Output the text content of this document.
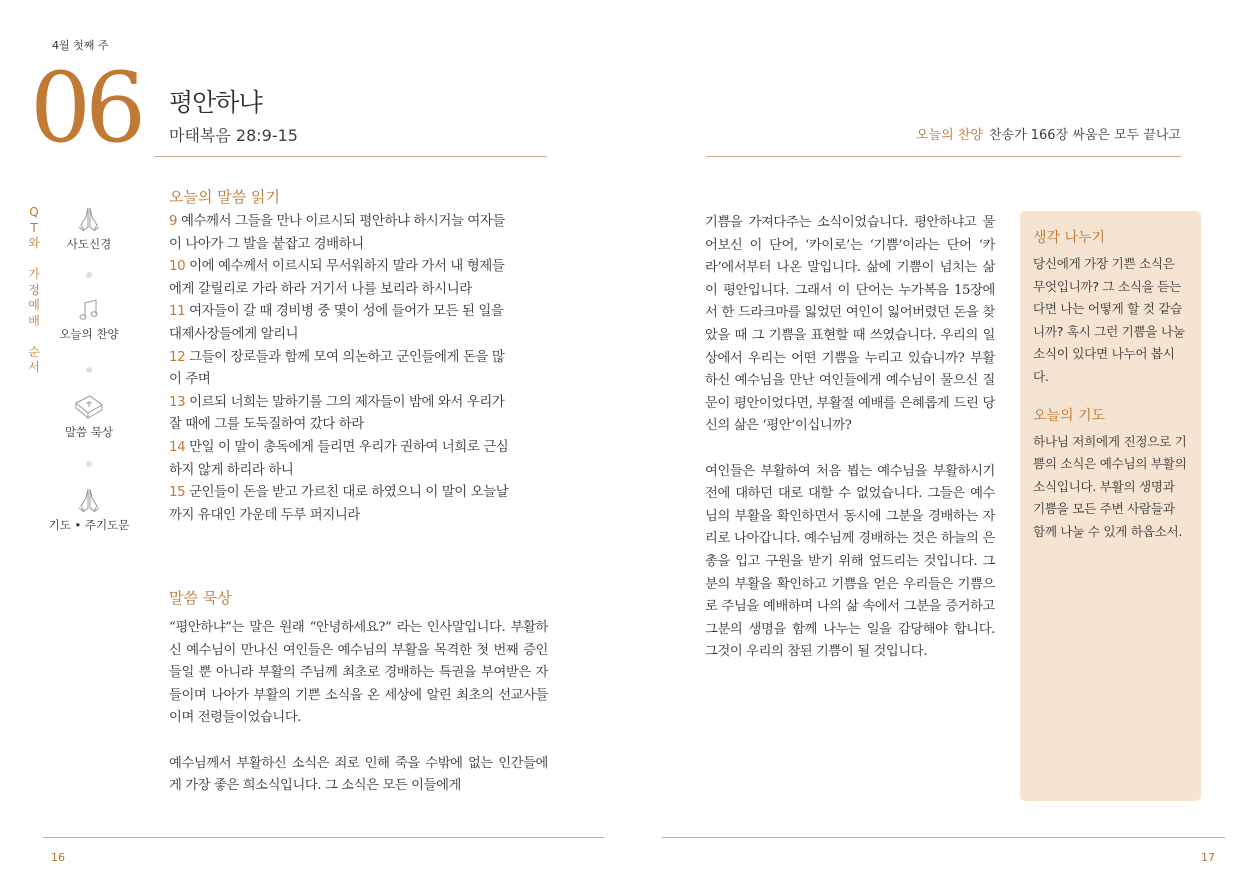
4월 첫째 주
06 평안하냐
마태복음 28:9-15
Q
T
와

가
정
예
배

순
서
사도신경
오늘의 찬양
말씀 묵상
기도 • 주기도문
오늘의 말씀 읽기

9 예수께서 그들을 만나 이르시되 평안하냐 하시거늘 여자들
이 나아가 그 발을 붙잡고 경배하니

10 이에 예수께서 이르시되 무서워하지 말라 가서 내 형제들
에게 갈릴리로 가라 하라 거기서 나를 보리라 하시니라

11 여자들이 갈 때 경비병 중 몇이 성에 들어가 모든 된 일을
대제사장들에게 알리니

12 그들이 장로들과 함께 모여 의논하고 군인들에게 돈을 많
이 주며

13 이르되 너희는 말하기를 그의 제자들이 밤에 와서 우리가
잘 때에 그를 도둑질하여 갔다 하라

14 만일 이 말이 총독에게 들리면 우리가 권하여 너희로 근심
하지 않게 하리라 하니

15 군인들이 돈을 받고 가르친 대로 하였으니 이 말이 오늘날
까지 유대인 가운데 두루 퍼지니라

말씀 묵상

“평안하냐”는 말은 원래 “안녕하세요?” 라는 인사말입니다. 부활하신 예수님이 만나신 여인들은 예수님의 부활을 목격한 첫 번째 증인들일 뿐 아니라 부활의 주님께 최초로 경배하는 특권을 부여받은 자들이며 나아가 부활의 기쁜 소식을 온 세상에 알린 최초의 선교사들이며 전령들이었습니다.

예수님께서 부활하신 소식은 죄로 인해 죽을 수밖에 없는 인간들에게 가장 좋은 희소식입니다. 그 소식은 모든 이들에게

오늘의 찬양 찬송가 166장 싸움은 모두 끝나고

기쁨을 가져다주는 소식이었습니다. 평안하냐고 물어보신 이 단어, ‘카이로’는 ‘기쁨’이라는 단어 ‘카라’에서부터 나온 말입니다. 삶에 기쁨이 넘치는 삶이 평안입니다. 그래서 이 단어는 누가복음 15장에서 한 드라크마를 잃었던 여인이 잃어버렸던 돈을 찾았을 때 그 기쁨을 표현할 때 쓰였습니다. 우리의 일상에서 우리는 어떤 기쁨을 누리고 있습니까? 부활하신 예수님을 만난 여인들에게 예수님이 물으신 질문이 평안이었다면, 부활절 예배를 은혜롭게 드린 당신의 삶은 ‘평안’이십니까?

여인들은 부활하여 처음 뵙는 예수님을 부활하시기 전에 대하던 대로 대할 수 없었습니다. 그들은 예수님의 부활을 확인하면서 동시에 그분을 경배하는 자리로 나아갑니다. 예수님께 경배하는 것은 하늘의 은총을 입고 구원을 받기 위해 엎드리는 것입니다. 그분의 부활을 확인하고 기쁨을 얻은 우리들은 기쁨으로 주님을 예배하며 나의 삶 속에서 그분을 증거하고 그분의 생명을 함께 나누는 일을 감당해야 합니다. 그것이 우리의 참된 기쁨이 될 것입니다.

생각 나누기

당신에게 가장 기쁜 소식은 무엇입니까? 그 소식을 듣는다면 나는 어떻게 할 것 같습니까? 혹시 그런 기쁨을 나눌 소식이 있다면 나누어 봅시다.

오늘의 기도

하나님 저희에게 진정으로 기쁨의 소식은 예수님의 부활의 소식입니다. 부활의 생명과 기쁨을 모든 주변 사람들과 함께 나눌 수 있게 하옵소서.

16	17
